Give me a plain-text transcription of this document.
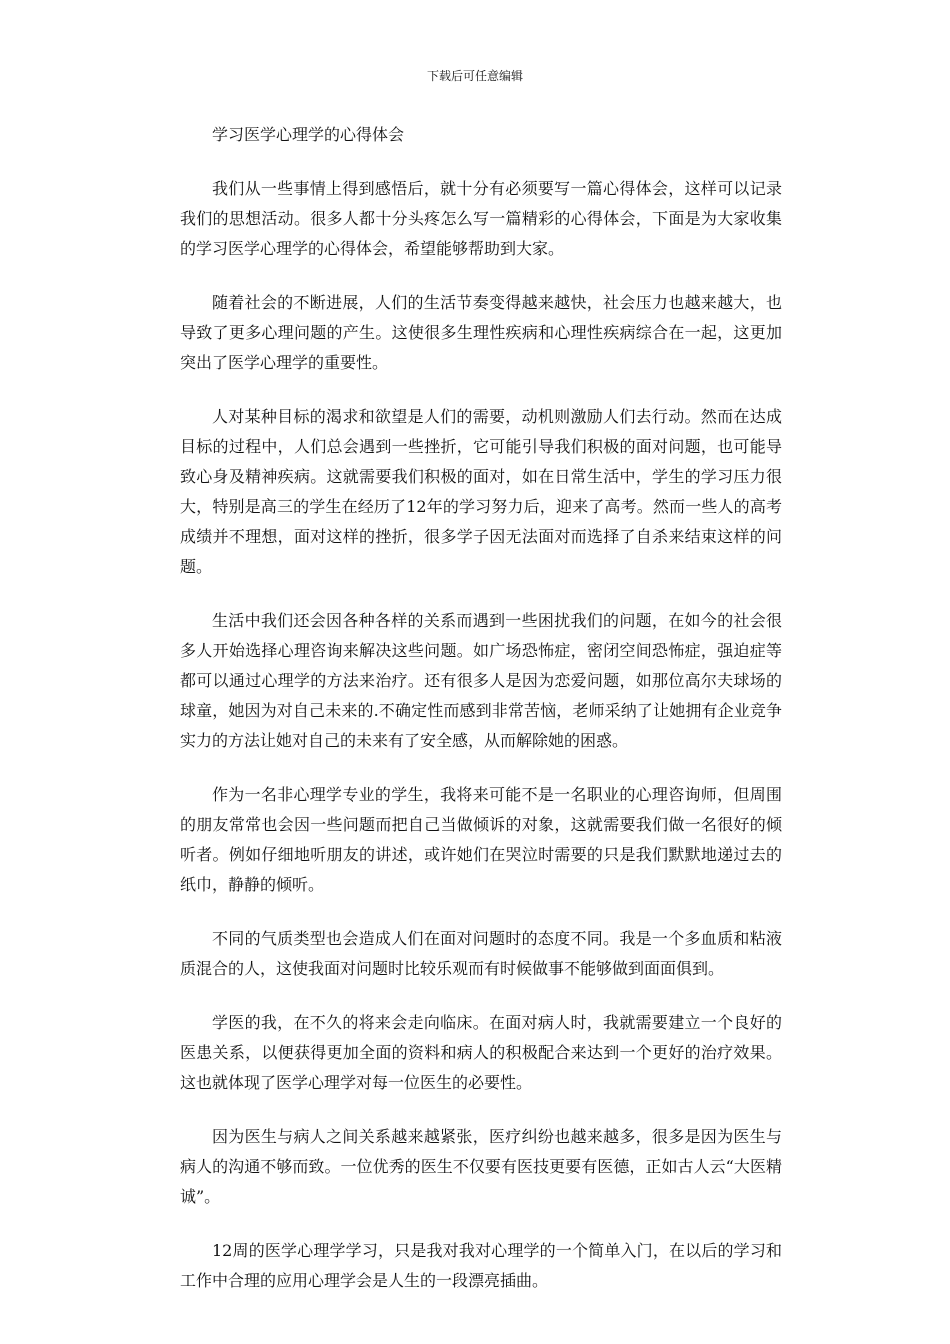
下载后可任意编辑
学习医学心理学的心得体会

我们从一些事情上得到感悟后，就十分有必须要写一篇心得体会，这样可以记录我们的思想活动。很多人都十分头疼怎么写一篇精彩的心得体会，下面是为大家收集的学习医学心理学的心得体会，希望能够帮助到大家。

随着社会的不断进展，人们的生活节奏变得越来越快，社会压力也越来越大，也导致了更多心理问题的产生。这使很多生理性疾病和心理性疾病综合在一起，这更加突出了医学心理学的重要性。

人对某种目标的渴求和欲望是人们的需要，动机则激励人们去行动。然而在达成目标的过程中，人们总会遇到一些挫折，它可能引导我们积极的面对问题，也可能导致心身及精神疾病。这就需要我们积极的面对，如在日常生活中，学生的学习压力很大，特别是高三的学生在经历了12年的学习努力后，迎来了高考。然而一些人的高考成绩并不理想，面对这样的挫折，很多学子因无法面对而选择了自杀来结束这样的问题。

生活中我们还会因各种各样的关系而遇到一些困扰我们的问题，在如今的社会很多人开始选择心理咨询来解决这些问题。如广场恐怖症，密闭空间恐怖症，强迫症等都可以通过心理学的方法来治疗。还有很多人是因为恋爱问题，如那位高尔夫球场的球童，她因为对自己未来的.不确定性而感到非常苦恼，老师采纳了让她拥有企业竞争实力的方法让她对自己的未来有了安全感，从而解除她的困惑。

作为一名非心理学专业的学生，我将来可能不是一名职业的心理咨询师，但周围的朋友常常也会因一些问题而把自己当做倾诉的对象，这就需要我们做一名很好的倾听者。例如仔细地听朋友的讲述，或许她们在哭泣时需要的只是我们默默地递过去的纸巾，静静的倾听。

不同的气质类型也会造成人们在面对问题时的态度不同。我是一个多血质和粘液质混合的人，这使我面对问题时比较乐观而有时候做事不能够做到面面俱到。

学医的我，在不久的将来会走向临床。在面对病人时，我就需要建立一个良好的医患关系，以便获得更加全面的资料和病人的积极配合来达到一个更好的治疗效果。这也就体现了医学心理学对每一位医生的必要性。

因为医生与病人之间关系越来越紧张，医疗纠纷也越来越多，很多是因为医生与病人的沟通不够而致。一位优秀的医生不仅要有医技更要有医德，正如古人云“大医精诚”。

12周的医学心理学学习，只是我对我对心理学的一个简单入门，在以后的学习和工作中合理的应用心理学会是人生的一段漂亮插曲。
